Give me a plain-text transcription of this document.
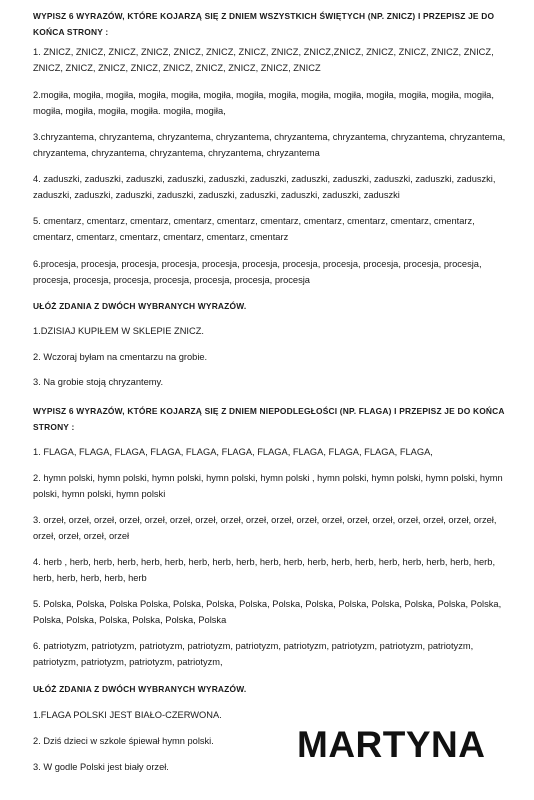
WYPISZ 6 WYRAZÓW, KTÓRE KOJARZĄ SIĘ Z DNIEM WSZYSTKICH ŚWIĘTYCH (NP. ZNICZ) I PRZEPISZ JE DO KOŃCA STRONY :
1. ZNICZ, ZNICZ, ZNICZ, ZNICZ, ZNICZ, ZNICZ, ZNICZ, ZNICZ, ZNICZ,ZNICZ, ZNICZ, ZNICZ, ZNICZ, ZNICZ, ZNICZ, ZNICZ, ZNICZ, ZNICZ, ZNICZ, ZNICZ, ZNICZ, ZNICZ, ZNICZ
2.mogiła, mogiła, mogiła, mogiła, mogiła, mogiła, mogiła, mogiła, mogiła, mogiła, mogiła, mogiła, mogiła, mogiła, mogiła, mogiła, mogiła, mogiła. mogiła, mogiła,
3.chryzantema, chryzantema, chryzantema, chryzantema, chryzantema, chryzantema, chryzantema, chryzantema, chryzantema, chryzantema, chryzantema, chryzantema, chryzantema
4. zaduszki, zaduszki, zaduszki, zaduszki, zaduszki, zaduszki, zaduszki, zaduszki, zaduszki, zaduszki, zaduszki, zaduszki, zaduszki, zaduszki, zaduszki, zaduszki, zaduszki, zaduszki, zaduszki, zaduszki
5. cmentarz, cmentarz, cmentarz, cmentarz, cmentarz, cmentarz, cmentarz, cmentarz, cmentarz, cmentarz, cmentarz, cmentarz, cmentarz, cmentarz, cmentarz, cmentarz
6.procesja, procesja, procesja, procesja, procesja, procesja, procesja, procesja, procesja, procesja, procesja, procesja, procesja, procesja, procesja, procesja, procesja, procesja
UŁÓŻ ZDANIA Z DWÓCH WYBRANYCH WYRAZÓW.
1.DZISIAJ KUPIŁEM W SKLEPIE ZNICZ.
2. Wczoraj byłam na cmentarzu na grobie.
3. Na grobie stoją chryzantemy.
WYPISZ 6 WYRAZÓW, KTÓRE KOJARZĄ SIĘ Z DNIEM NIEPODLEGŁOŚCI (NP. FLAGA) I PRZEPISZ JE DO KOŃCA STRONY :
1. FLAGA, FLAGA, FLAGA, FLAGA, FLAGA, FLAGA, FLAGA, FLAGA, FLAGA, FLAGA, FLAGA,
2. hymn polski, hymn polski, hymn polski, hymn polski, hymn polski , hymn polski, hymn polski, hymn polski, hymn polski, hymn polski, hymn polski
3. orzeł, orzeł, orzeł, orzeł, orzeł, orzeł, orzeł, orzeł, orzeł, orzeł, orzeł, orzeł, orzeł, orzeł, orzeł, orzeł, orzeł, orzeł, orzeł, orzeł, orzeł, orzeł
4. herb , herb, herb, herb, herb, herb, herb, herb, herb, herb, herb, herb, herb, herb, herb, herb, herb, herb, herb, herb, herb, herb, herb, herb
5. Polska, Polska, Polska Polska, Polska, Polska, Polska, Polska, Polska, Polska, Polska, Polska, Polska, Polska, Polska, Polska, Polska, Polska, Polska, Polska
6. patriotyzm, patriotyzm, patriotyzm, patriotyzm, patriotyzm, patriotyzm, patriotyzm, patriotyzm, patriotyzm, patriotyzm, patriotyzm, patriotyzm, patriotyzm,
UŁÓŻ ZDANIA Z DWÓCH WYBRANYCH WYRAZÓW.
1.FLAGA POLSKI JEST BIAŁO-CZERWONA.
2. Dziś dzieci w szkole śpiewał hymn polski.
3. W godle Polski jest biały orzeł.
MARTYNA
